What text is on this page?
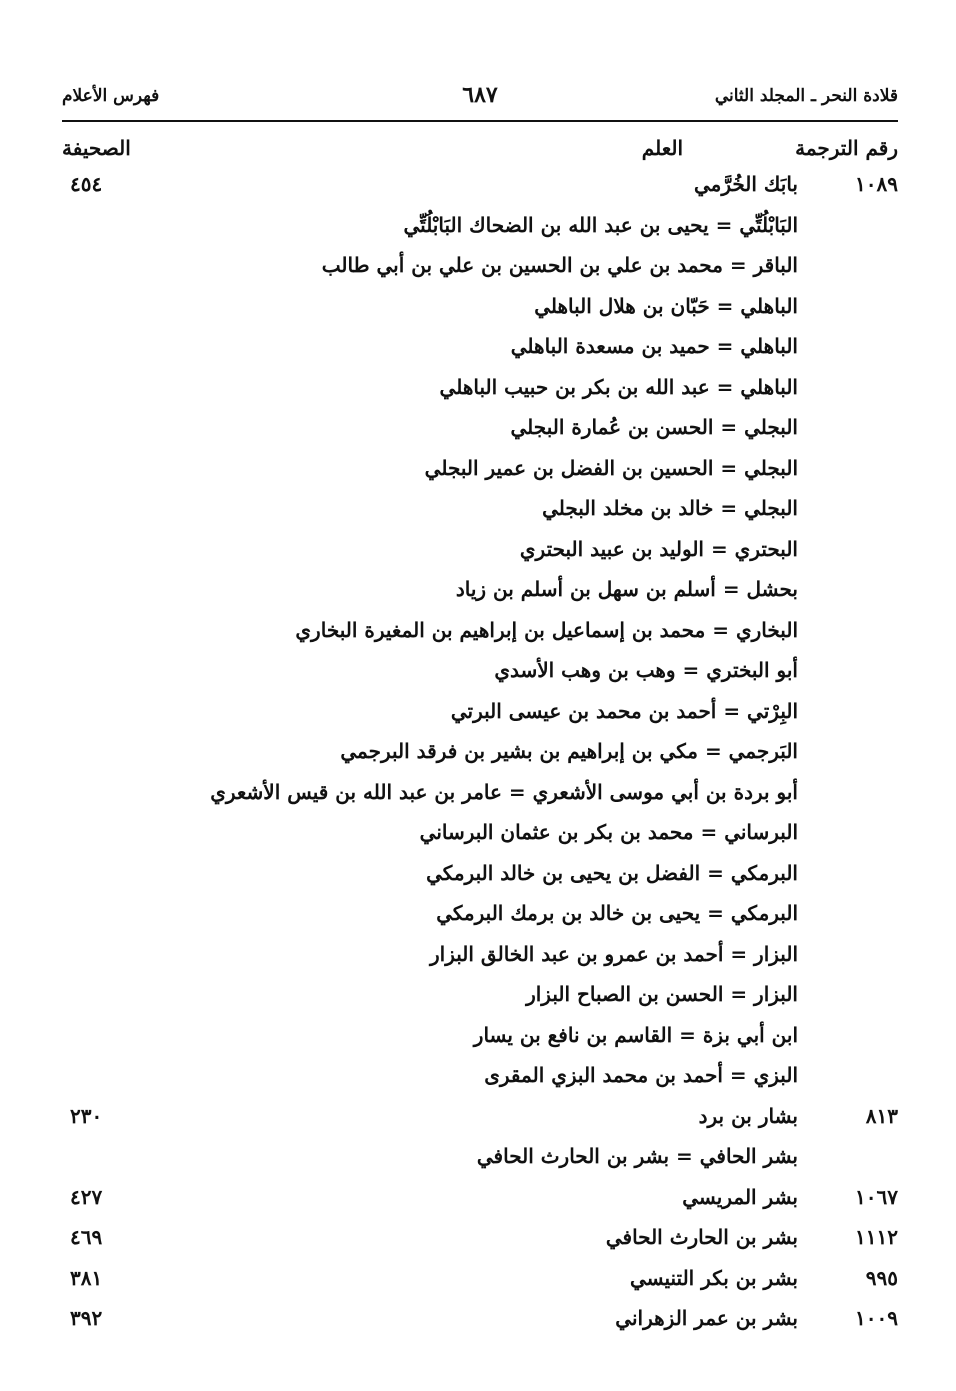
قلادة النحر ـ المجلد الثاني
٦٨٧
فهرس الأعلام
رقم الترجمة
العلم
الصحيفة
١٠٨٩
بابَك الخُرَّمي
٤٥٤
البَابْلُتِّي = يحيى بن عبد الله بن الضحاك البَابْلُتِّي
الباقر = محمد بن علي بن الحسين بن علي بن أبي طالب
الباهلي = حَبّان بن هلال الباهلي
الباهلي = حميد بن مسعدة الباهلي
الباهلي = عبد الله بن بكر بن حبيب الباهلي
البجلي = الحسن بن عُمارة البجلي
البجلي = الحسين بن الفضل بن عمير البجلي
البجلي = خالد بن مخلد البجلي
البحتري = الوليد بن عبيد البحتري
بحشل = أسلم بن سهل بن أسلم بن زياد
البخاري = محمد بن إسماعيل بن إبراهيم بن المغيرة البخاري
أبو البختري = وهب بن وهب الأسدي
البِرْتي = أحمد بن محمد بن عيسى البرتي
البَرجمي = مكي بن إبراهيم بن بشير بن فرقد البرجمي
أبو بردة بن أبي موسى الأشعري = عامر بن عبد الله بن قيس الأشعري
البرساني = محمد بن بكر بن عثمان البرساني
البرمكي = الفضل بن يحيى بن خالد البرمكي
البرمكي = يحيى بن خالد بن برمك البرمكي
البزار = أحمد بن عمرو بن عبد الخالق البزار
البزار = الحسن بن الصباح البزار
ابن أبي بزة = القاسم بن نافع بن يسار
البزي = أحمد بن محمد البزي المقرى
٨١٣
بشار بن برد
٢٣٠
بشر الحافي = بشر بن الحارث الحافي
١٠٦٧
بشر المريسي
٤٢٧
١١١٢
بشر بن الحارث الحافي
٤٦٩
٩٩٥
بشر بن بكر التنيسي
٣٨١
١٠٠٩
بشر بن عمر الزهراني
٣٩٢
